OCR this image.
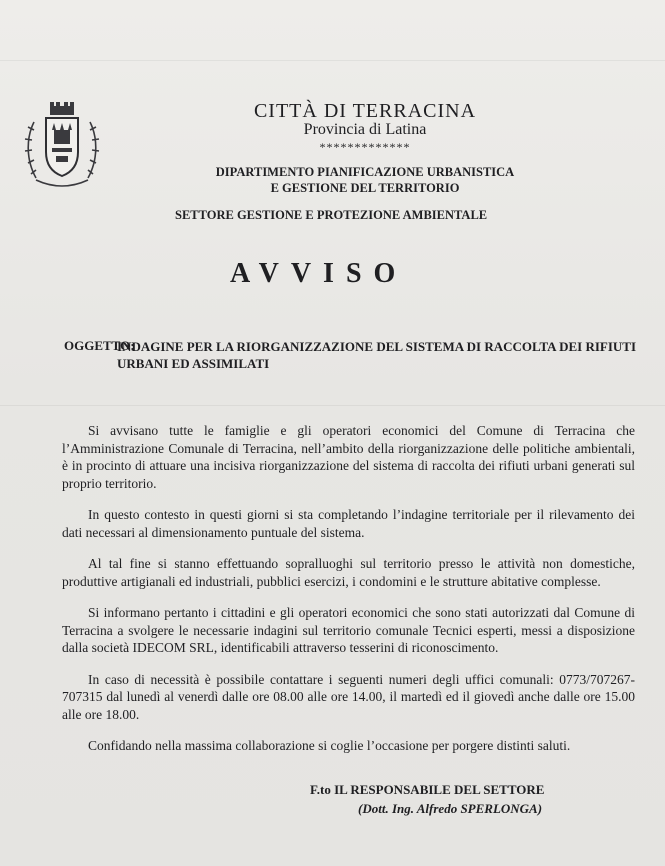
CITTÀ DI TERRACINA
Provincia di Latina
*************
DIPARTIMENTO PIANIFICAZIONE URBANISTICA
E GESTIONE DEL TERRITORIO
SETTORE GESTIONE E PROTEZIONE AMBIENTALE
AVVISO
OGGETTO:
INDAGINE PER LA RIORGANIZZAZIONE DEL SISTEMA DI RACCOLTA DEI RIFIUTI URBANI ED ASSIMILATI

Si avvisano tutte le famiglie e gli operatori economici del Comune di Terracina che l’Amministrazione Comunale di Terracina, nell’ambito della riorganizzazione delle politiche ambientali, è in procinto di attuare una incisiva riorganizzazione del sistema di raccolta dei rifiuti urbani generati sul proprio territorio.

In questo contesto in questi giorni si sta completando l’indagine territoriale per il rilevamento dei dati necessari al dimensionamento puntuale del sistema.

Al tal fine si stanno effettuando sopralluoghi sul territorio presso le attività non domestiche, produttive artigianali ed industriali, pubblici esercizi, i condomini e le strutture abitative complesse.

Si informano pertanto i cittadini e gli operatori economici che sono stati autorizzati dal Comune di Terracina a svolgere le necessarie indagini sul territorio comunale Tecnici esperti, messi a disposizione dalla società IDECOM SRL, identificabili attraverso tesserini di riconoscimento.

In caso di necessità è possibile contattare i seguenti numeri degli uffici comunali: 0773/707267-707315 dal lunedì al venerdì dalle ore 08.00 alle ore 14.00, il martedì ed il giovedì anche dalle ore 15.00 alle ore 18.00.

Confidando nella massima collaborazione si coglie l’occasione per porgere distinti saluti.

F.to IL RESPONSABILE DEL SETTORE
(Dott. Ing. Alfredo SPERLONGA)
